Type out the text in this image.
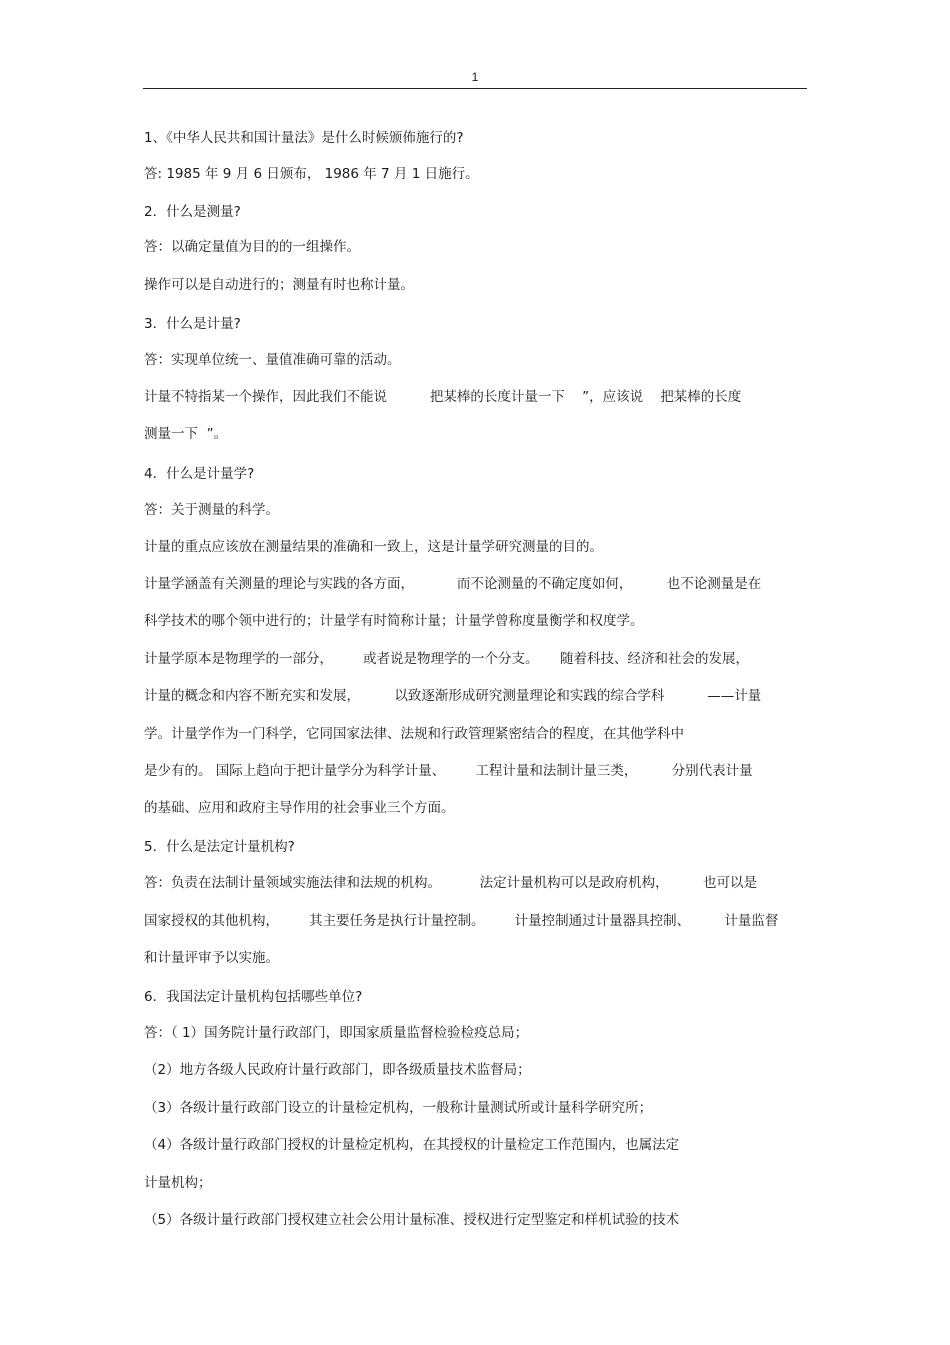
1
1、《中华人民共和国计量法》是什么时候颁佈施行的?
答: 1985 年 9 月 6 日颁布， 1986 年 7 月 1 日施行。
2．什么是测量?
答：以确定量值为目的的一组操作。
操作可以是自动进行的；测量有时也称计量。
3．什么是计量?
答：实现单位统一、量值准确可靠的活动。
计量不特指某一个操作，因此我们不能说          把某棒的长度计量一下    ”，应该说    把某棒的长度
测量一下  ”。
4．什么是计量学?
答：关于测量的科学。
计量的重点应该放在测量结果的准确和一致上，这是计量学研究测量的目的。
计量学涵盖有关测量的理论与实践的各方面，          而不论测量的不确定度如何，        也不论测量是在
科学技术的哪个领中进行的；计量学有时简称计量；计量学曾称度量衡学和权度学。
计量学原本是物理学的一部分，       或者说是物理学的一个分支。     随着科技、经济和社会的发展，
计量的概念和内容不断充实和发展，        以致逐渐形成研究测量理论和实践的综合学科          ——计量
学。计量学作为一门科学，它同国家法律、法规和行政管理紧密结合的程度，在其他学科中
是少有的。 国际上趋向于把计量学分为科学计量、       工程计量和法制计量三类，        分别代表计量
的基础、应用和政府主导作用的社会事业三个方面。
5．什么是法定计量机构?
答：负责在法制计量领域实施法律和法规的机构。         法定计量机构可以是政府机构，        也可以是
国家授权的其他机构，       其主要任务是执行计量控制。       计量控制通过计量器具控制、        计量监督
和计量评审予以实施。
6．我国法定计量机构包括哪些单位?
答：（ 1）国务院计量行政部门，即国家质量监督检验检疫总局；
（2）地方各级人民政府计量行政部门，即各级质量技术监督局；
（3）各级计量行政部门设立的计量检定机构，一般称计量测试所或计量科学研究所；
（4）各级计量行政部门授权的计量检定机构，在其授权的计量检定工作范围内，也属法定
计量机构；
（5）各级计量行政部门授权建立社会公用计量标准、授权进行定型鉴定和样机试验的技术
